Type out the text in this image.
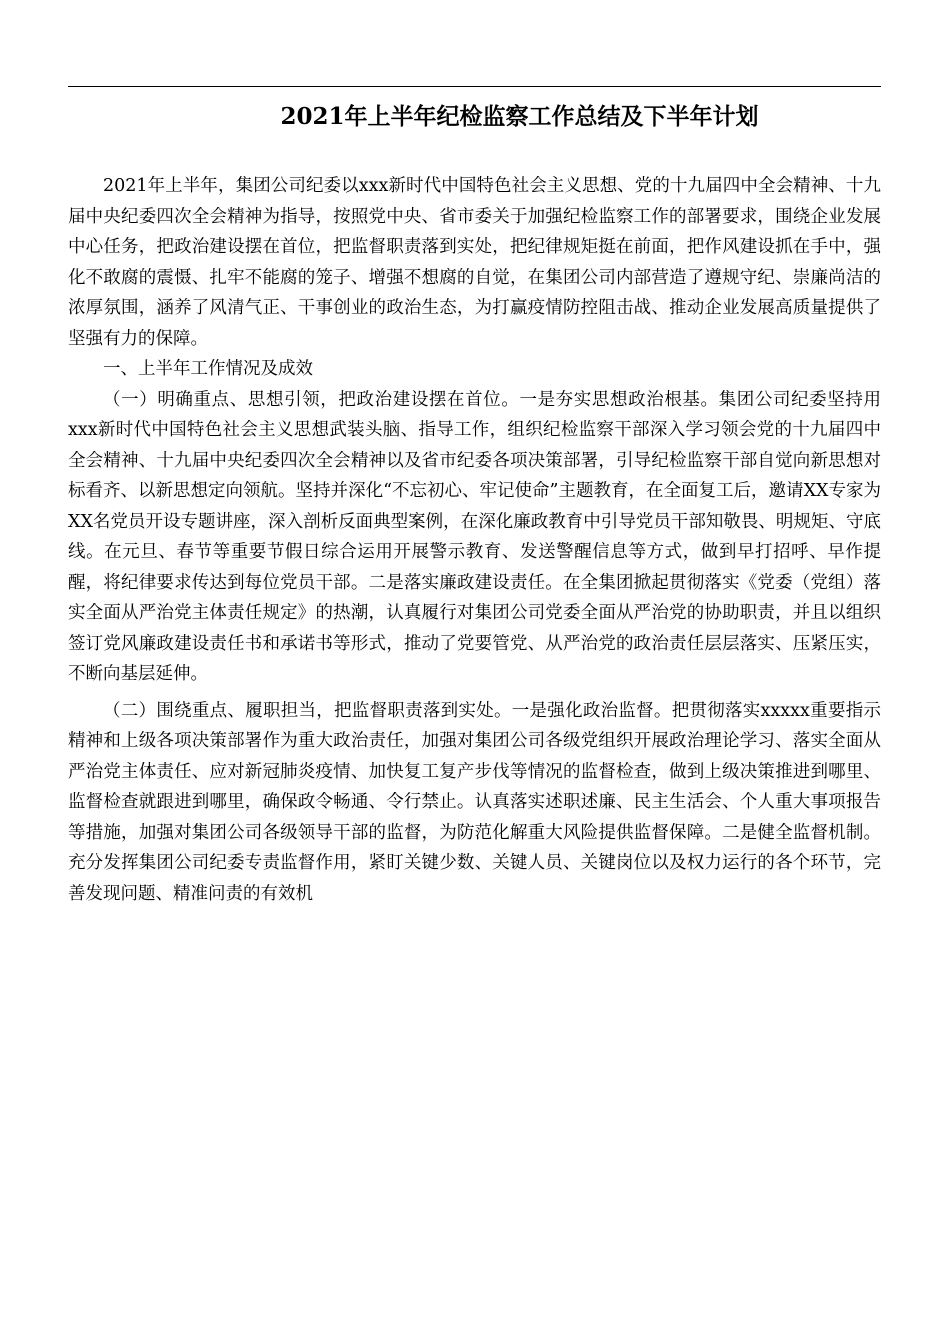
2021年上半年纪检监察工作总结及下半年计划

2021年上半年，集团公司纪委以xxx新时代中国特色社会主义思想、党的十九届四中全会精神、十九届中央纪委四次全会精神为指导，按照党中央、省市委关于加强纪检监察工作的部署要求，围绕企业发展中心任务，把政治建设摆在首位，把监督职责落到实处，把纪律规矩挺在前面，把作风建设抓在手中，强化不敢腐的震慑、扎牢不能腐的笼子、增强不想腐的自觉，在集团公司内部营造了遵规守纪、崇廉尚洁的浓厚氛围，涵养了风清气正、干事创业的政治生态，为打赢疫情防控阻击战、推动企业发展高质量提供了坚强有力的保障。

一、上半年工作情况及成效

（一）明确重点、思想引领，把政治建设摆在首位。一是夯实思想政治根基。集团公司纪委坚持用xxx新时代中国特色社会主义思想武装头脑、指导工作，组织纪检监察干部深入学习领会党的十九届四中全会精神、十九届中央纪委四次全会精神以及省市纪委各项决策部署，引导纪检监察干部自觉向新思想对标看齐、以新思想定向领航。坚持并深化“不忘初心、牢记使命”主题教育，在全面复工后，邀请XX专家为XX名党员开设专题讲座，深入剖析反面典型案例，在深化廉政教育中引导党员干部知敬畏、明规矩、守底线。在元旦、春节等重要节假日综合运用开展警示教育、发送警醒信息等方式，做到早打招呼、早作提醒，将纪律要求传达到每位党员干部。二是落实廉政建设责任。在全集团掀起贯彻落实《党委（党组）落实全面从严治党主体责任规定》的热潮，认真履行对集团公司党委全面从严治党的协助职责，并且以组织签订党风廉政建设责任书和承诺书等形式，推动了党要管党、从严治党的政治责任层层落实、压紧压实，不断向基层延伸。

（二）围绕重点、履职担当，把监督职责落到实处。一是强化政治监督。把贯彻落实xxxxx重要指示精神和上级各项决策部署作为重大政治责任，加强对集团公司各级党组织开展政治理论学习、落实全面从严治党主体责任、应对新冠肺炎疫情、加快复工复产步伐等情况的监督检查，做到上级决策推进到哪里、监督检查就跟进到哪里，确保政令畅通、令行禁止。认真落实述职述廉、民主生活会、个人重大事项报告等措施，加强对集团公司各级领导干部的监督，为防范化解重大风险提供监督保障。二是健全监督机制。充分发挥集团公司纪委专责监督作用，紧盯关键少数、关键人员、关键岗位以及权力运行的各个环节，完善发现问题、精准问责的有效机
